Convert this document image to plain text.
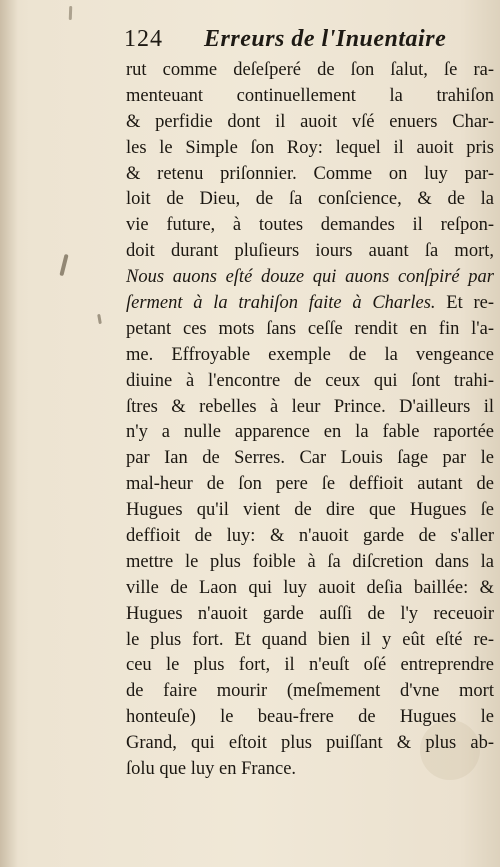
124 Erreurs de l'Inuentaire
rut comme deſeſperé de ſon ſalut, ſe ra-
menteuant continuellement la trahiſon
& perfidie dont il auoit vſé enuers Char-
les le Simple ſon Roy: lequel il auoit pris
& retenu priſonnier. Comme on luy par-
loit de Dieu, de ſa conſcience, & de la
vie future, à toutes demandes il reſpon-
doit durant pluſieurs iours auant ſa mort,
Nous auons eſté douze qui auons conſpiré par
ſerment à la trahiſon faite à Charles. Et re-
petant ces mots ſans ceſſe rendit en fin l'a-
me. Effroyable exemple de la vengeance
diuine à l'encontre de ceux qui ſont trahi-
ſtres & rebelles à leur Prince. D'ailleurs il
n'y a nulle apparence en la fable raportée
par Ian de Serres. Car Louis ſage par le
mal-heur de ſon pere ſe deffioit autant de
Hugues qu'il vient de dire que Hugues ſe
deffioit de luy: & n'auoit garde de s'aller
mettre le plus foible à ſa diſcretion dans la
ville de Laon qui luy auoit deſia baillée: &
Hugues n'auoit garde auſſi de l'y receuoir
le plus fort. Et quand bien il y eût eſté re-
ceu le plus fort, il n'euſt oſé entreprendre
de faire mourir (meſmement d'vne mort
honteuſe) le beau-frere de Hugues le
Grand, qui eſtoit plus puiſſant & plus ab-
ſolu que luy en France.
